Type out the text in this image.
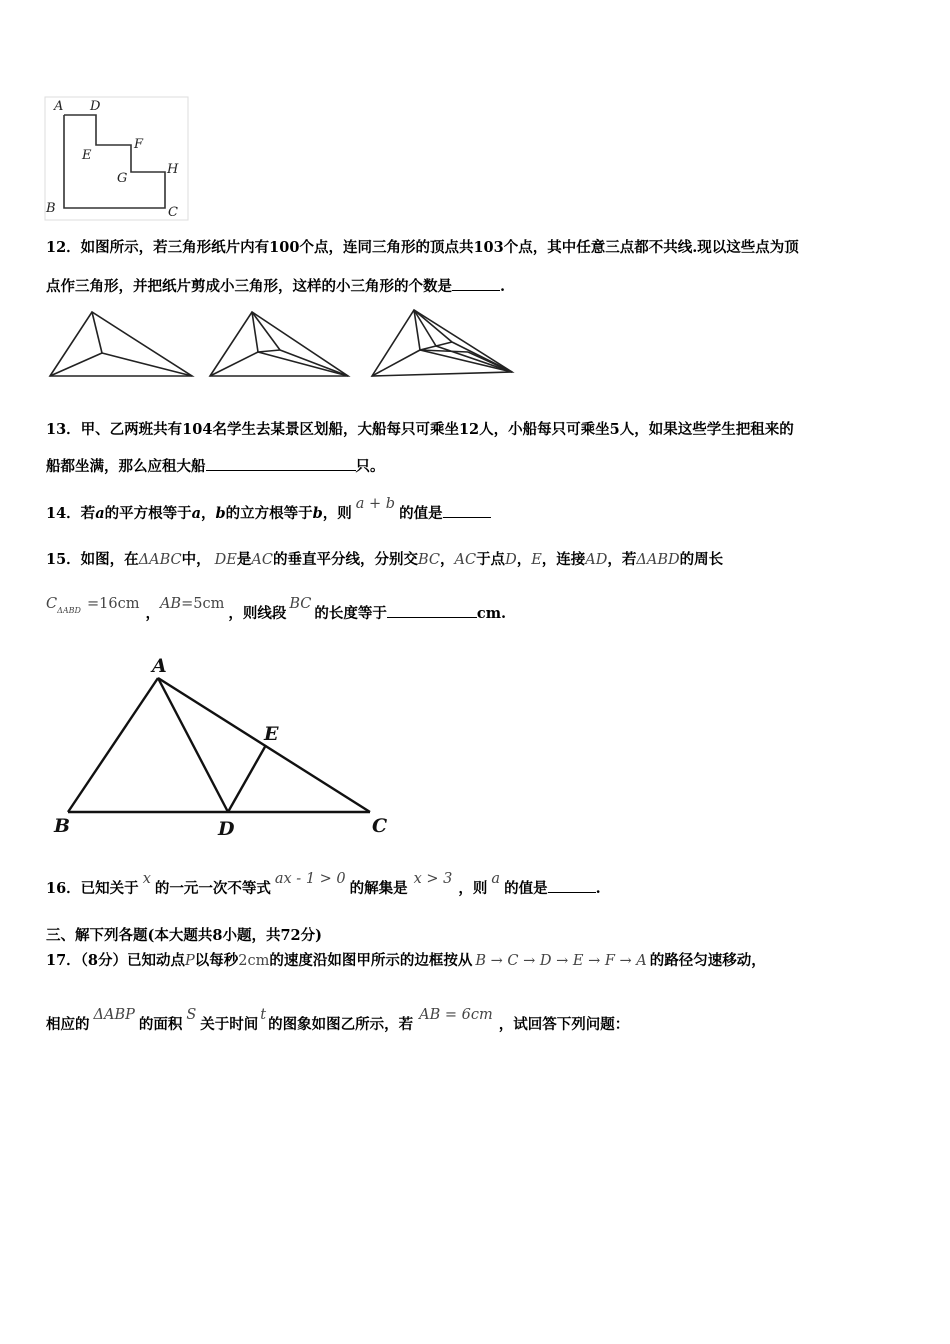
A D
E
F
G
H
B	C
12．如图所示，若三角形纸片内有100个点，连同三角形的顶点共103个点，其中任意三点都不共线.现以这些点为顶
点作三角形，并把纸片剪成小三角形，这样的小三角形的个数是	.
13．甲、乙两班共有104名学生去某景区划船，大船每只可乘坐12人，小船每只可乘坐5人，如果这些学生把租来的
船都坐满，那么应租大船	只。
14．若a的平方根等于a，b的立方根等于b，则a + b的值是
15．如图，在ΔABC中， DE是AC的垂直平分线，分别交BC，AC于点D，E，连接AD，若ΔABD的周长
$C^{\Delta ABD} =16cm$，AB=5cm，则线段BC的长度等于	cm.
A
B	D	C
E
16．已知关于x的一元一次不等式ax - 1 > 0的解集是x > 3，则a的值是	.
三、解下列各题(本大题共8小题，共72分)
17．（8分）已知动点P以每秒2cm的速度沿如图甲所示的边框按从 B → C → D → E → F → A 的路径匀速移动，
相应的ΔABP的面积S关于时间t的图象如图乙所示，若AB = 6cm，试回答下列问题：
